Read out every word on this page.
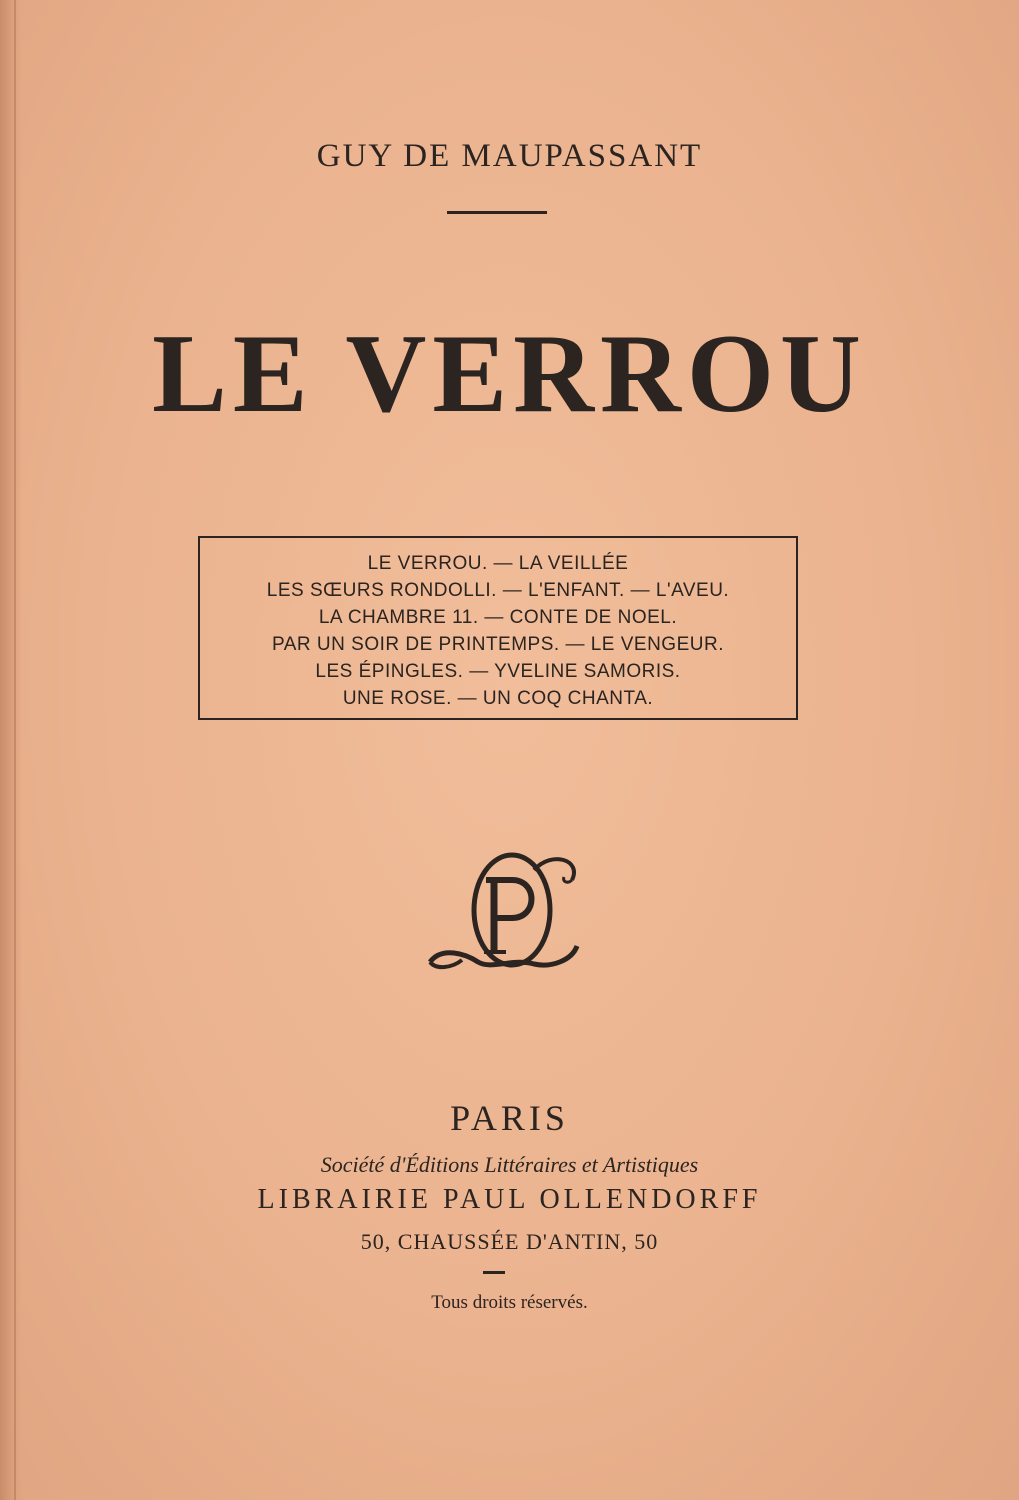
GUY DE MAUPASSANT
LE VERROU
LE VERROU. — LA VEILLÉE
LES SŒURS RONDOLLI. — L'ENFANT. — L'AVEU.
LA CHAMBRE 11. — CONTE DE NOEL.
PAR UN SOIR DE PRINTEMPS. — LE VENGEUR.
LES ÉPINGLES. — YVELINE SAMORIS.
UNE ROSE. — UN COQ CHANTA.
PARIS
Société d'Éditions Littéraires et Artistiques
LIBRAIRIE PAUL OLLENDORFF
50, CHAUSSÉE D'ANTIN, 50
Tous droits réservés.
